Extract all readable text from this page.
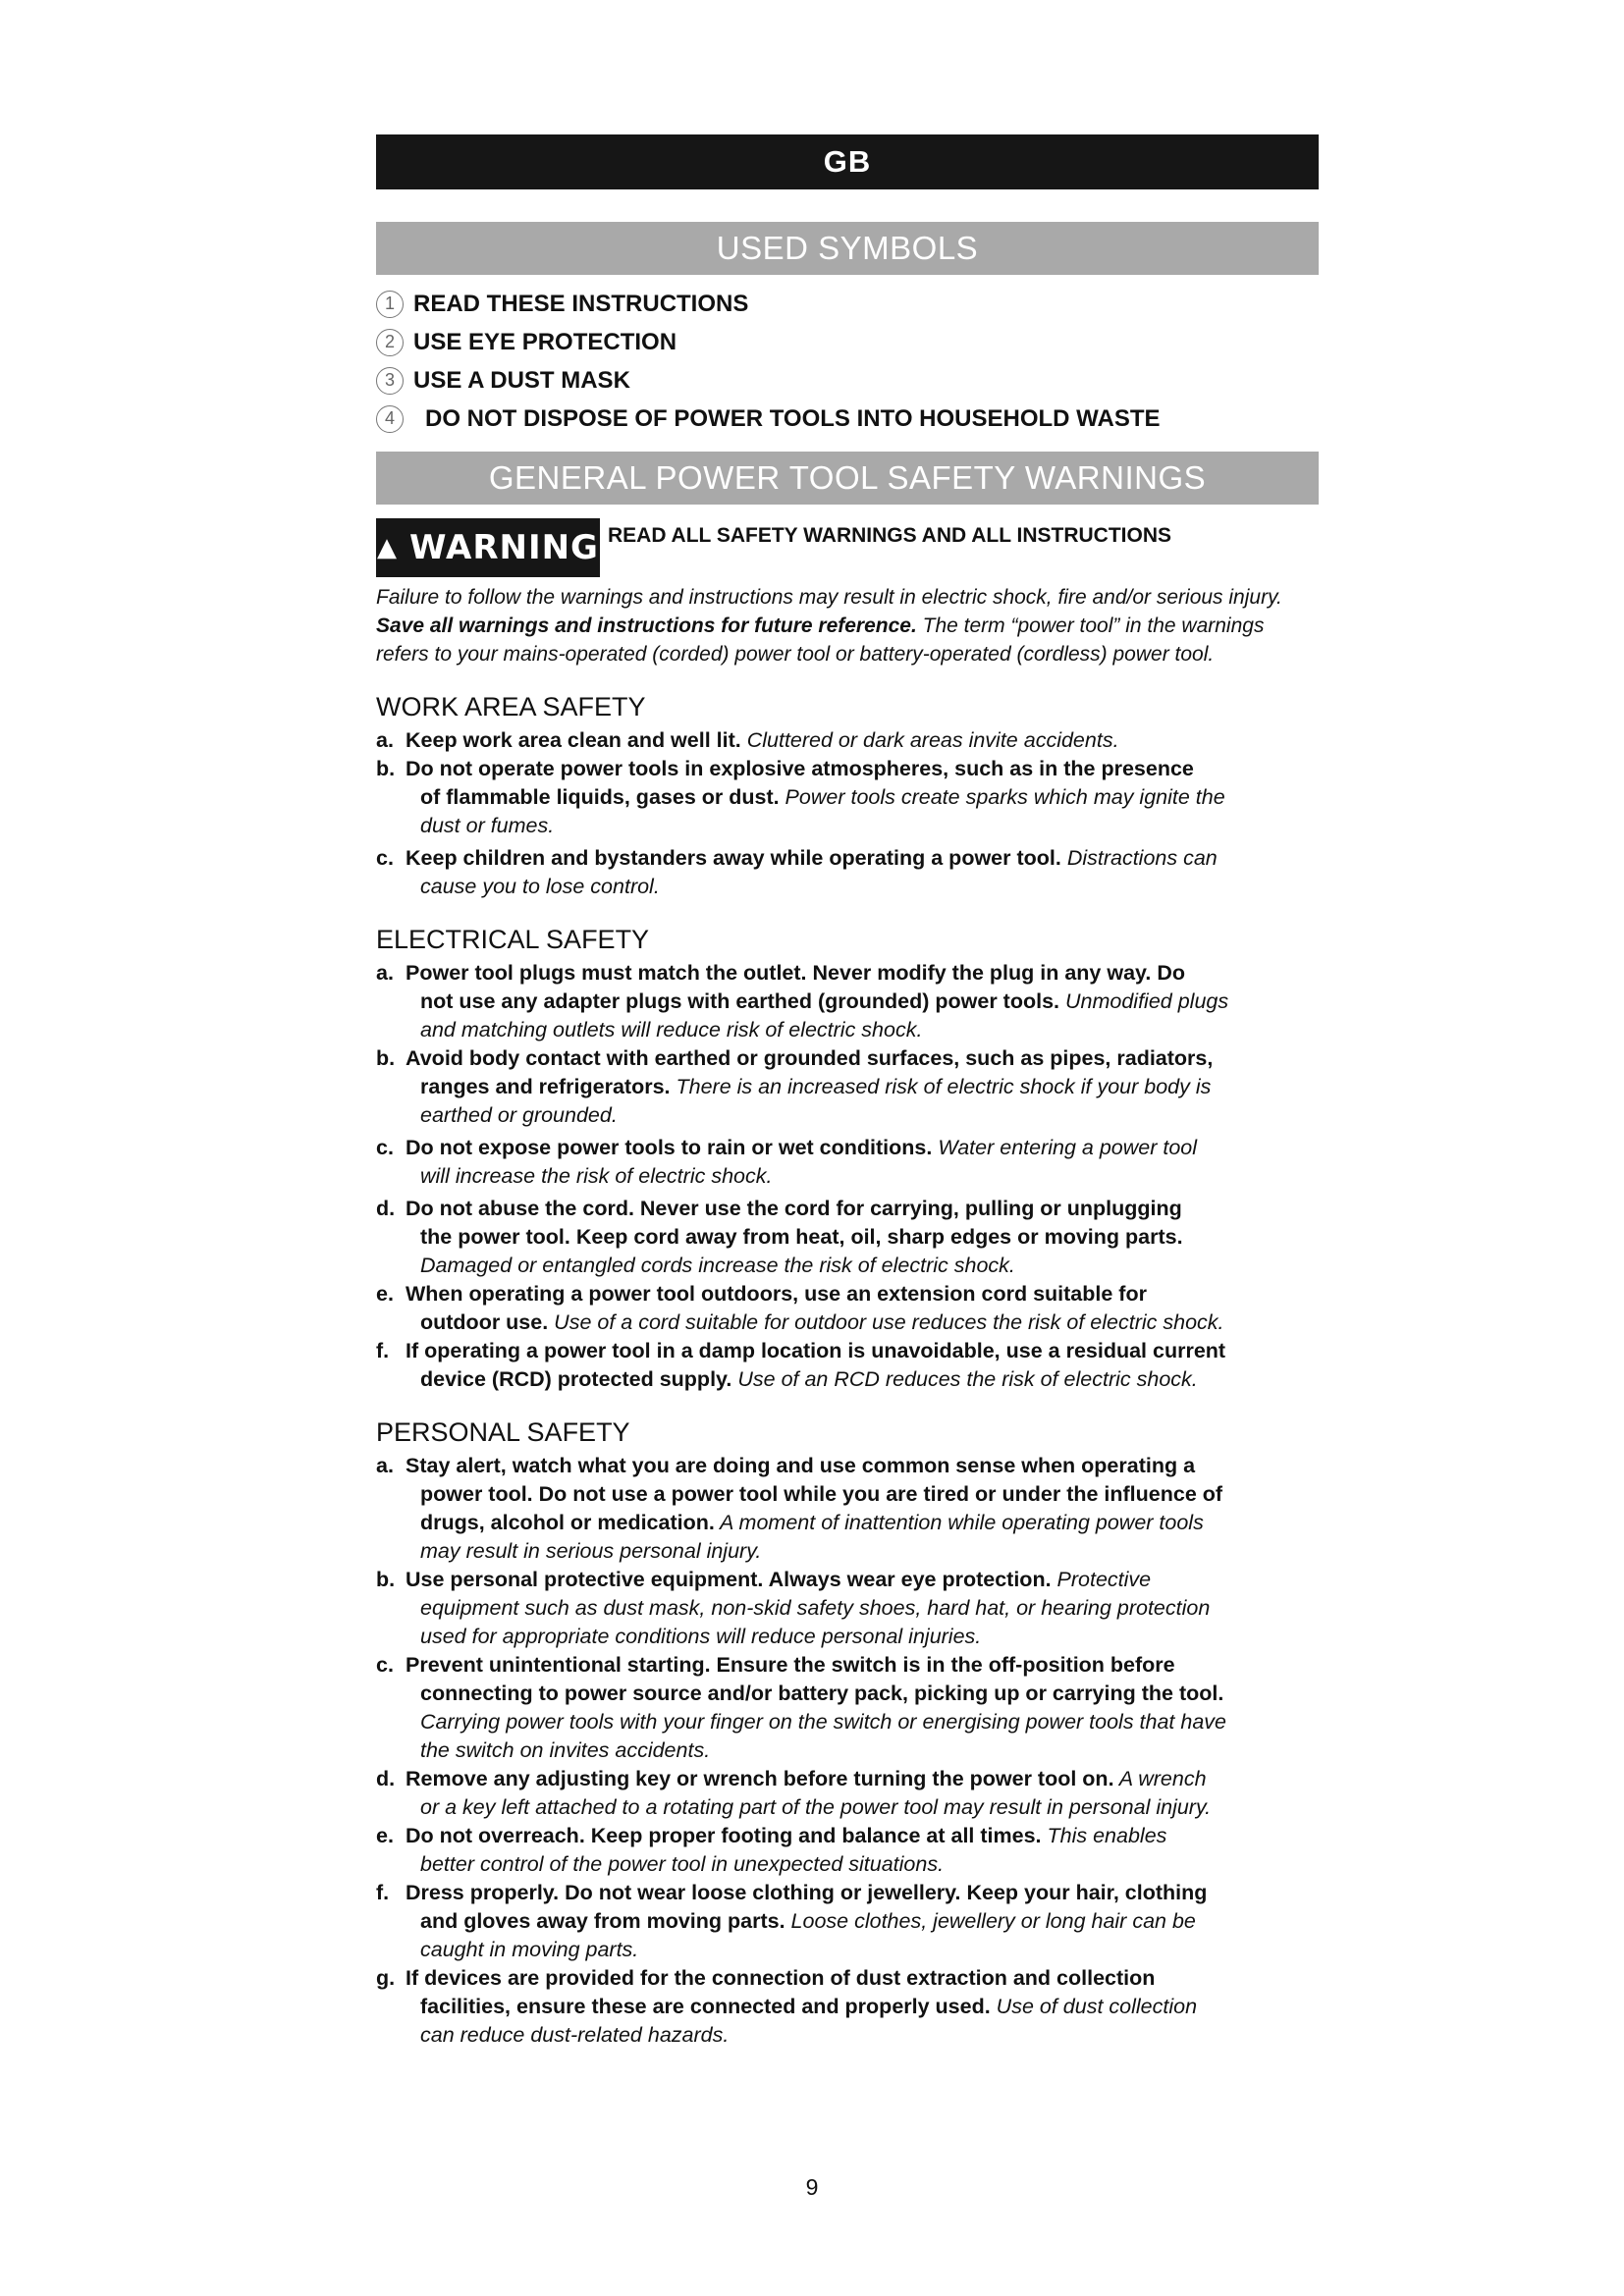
GB
USED SYMBOLS
1 READ THESE INSTRUCTIONS
2 USE EYE PROTECTION
3 USE A DUST MASK
4	DO NOT DISPOSE OF POWER TOOLS INTO HOUSEHOLD WASTE
GENERAL POWER TOOL SAFETY WARNINGS
▲ WARNING READ ALL SAFETY WARNINGS AND ALL INSTRUCTIONS
Failure to follow the warnings and instructions may result in electric shock, fire and/or serious injury. Save all warnings and instructions for future reference. The term “power tool” in the warnings refers to your mains-operated (corded) power tool or battery-operated (cordless) power tool.
WORK AREA SAFETY
a. Keep work area clean and well lit. Cluttered or dark areas invite accidents.
b. Do not operate power tools in explosive atmospheres, such as in the presence
of flammable liquids, gases or dust. Power tools create sparks which may ignite the
dust or fumes.
c. Keep children and bystanders away while operating a power tool. Distractions can
cause you to lose control.
ELECTRICAL SAFETY
a. Power tool plugs must match the outlet. Never modify the plug in any way. Do
not use any adapter plugs with earthed (grounded) power tools. Unmodified plugs
and matching outlets will reduce risk of electric shock.
b. Avoid body contact with earthed or grounded surfaces, such as pipes, radiators,
ranges and refrigerators. There is an increased risk of electric shock if your body is
earthed or grounded.
c. Do not expose power tools to rain or wet conditions. Water entering a power tool
will increase the risk of electric shock.
d. Do not abuse the cord. Never use the cord for carrying, pulling or unplugging
the power tool. Keep cord away from heat, oil, sharp edges or moving parts.
Damaged or entangled cords increase the risk of electric shock.
e. When operating a power tool outdoors, use an extension cord suitable for
outdoor use. Use of a cord suitable for outdoor use reduces the risk of electric shock.
f. If operating a power tool in a damp location is unavoidable, use a residual current
device (RCD) protected supply. Use of an RCD reduces the risk of electric shock.
PERSONAL SAFETY
a. Stay alert, watch what you are doing and use common sense when operating a
power tool. Do not use a power tool while you are tired or under the influence of
drugs, alcohol or medication. A moment of inattention while operating power tools
may result in serious personal injury.
b. Use personal protective equipment. Always wear eye protection. Protective
equipment such as dust mask, non-skid safety shoes, hard hat, or hearing protection
used for appropriate conditions will reduce personal injuries.
c. Prevent unintentional starting. Ensure the switch is in the off-position before
connecting to power source and/or battery pack, picking up or carrying the tool.
Carrying power tools with your finger on the switch or energising power tools that have
the switch on invites accidents.
d. Remove any adjusting key or wrench before turning the power tool on. A wrench
or a key left attached to a rotating part of the power tool may result in personal injury.
e. Do not overreach. Keep proper footing and balance at all times. This enables
better control of the power tool in unexpected situations.
f. Dress properly. Do not wear loose clothing or jewellery. Keep your hair, clothing
and gloves away from moving parts. Loose clothes, jewellery or long hair can be
caught in moving parts.
g. If devices are provided for the connection of dust extraction and collection
facilities, ensure these are connected and properly used. Use of dust collection
can reduce dust-related hazards.
9
